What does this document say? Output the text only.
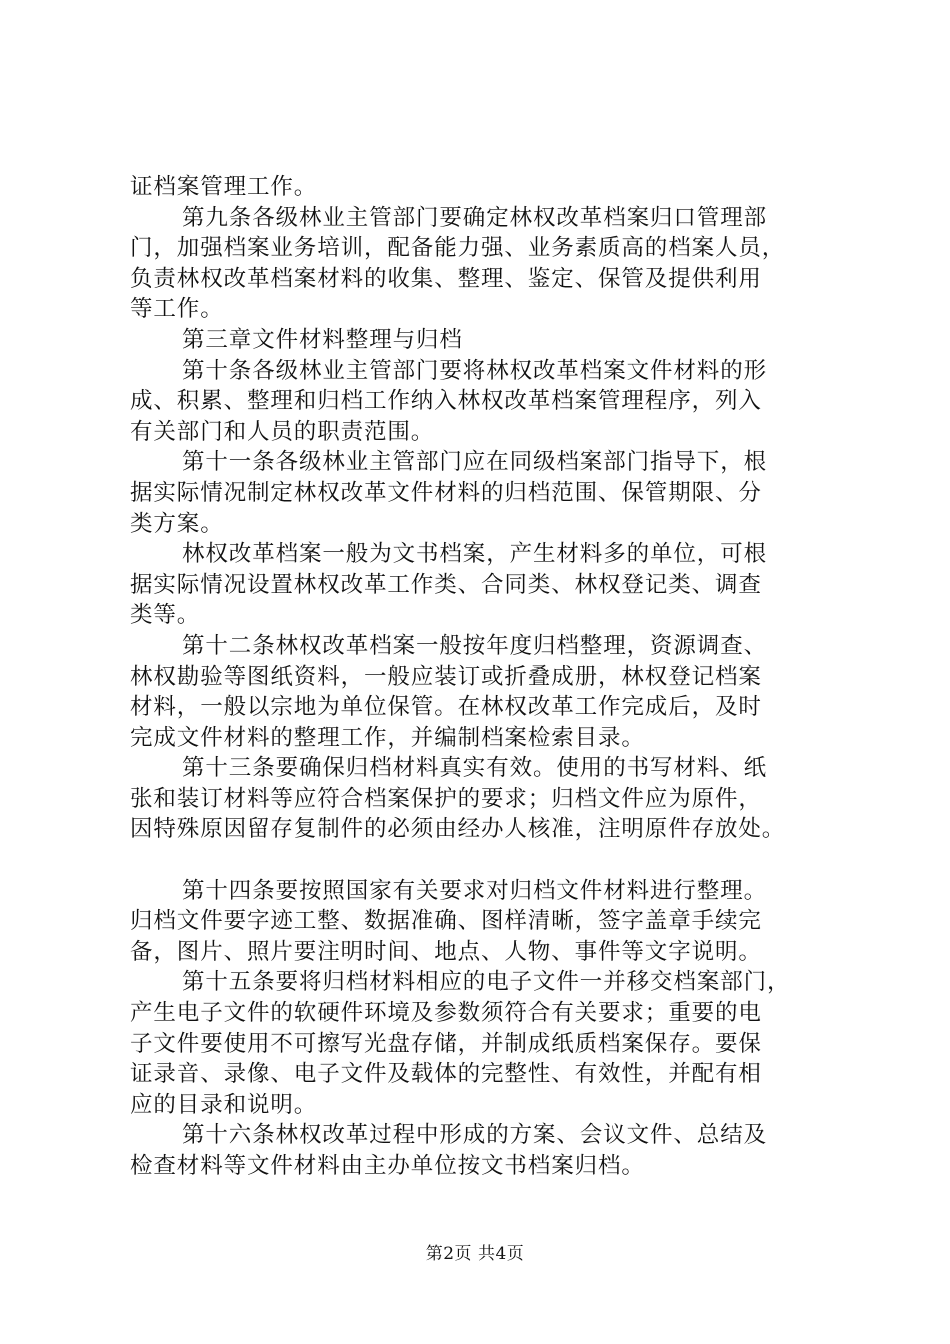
证档案管理工作。
第九条各级林业主管部门要确定林权改革档案归口管理部
门，加强档案业务培训，配备能力强、业务素质高的档案人员，
负责林权改革档案材料的收集、整理、鉴定、保管及提供利用
等工作。
第三章文件材料整理与归档
第十条各级林业主管部门要将林权改革档案文件材料的形
成、积累、整理和归档工作纳入林权改革档案管理程序，列入
有关部门和人员的职责范围。
第十一条各级林业主管部门应在同级档案部门指导下，根
据实际情况制定林权改革文件材料的归档范围、保管期限、分
类方案。
林权改革档案一般为文书档案，产生材料多的单位，可根
据实际情况设置林权改革工作类、合同类、林权登记类、调查
类等。
第十二条林权改革档案一般按年度归档整理，资源调查、
林权勘验等图纸资料，一般应装订或折叠成册，林权登记档案
材料，一般以宗地为单位保管。在林权改革工作完成后，及时
完成文件材料的整理工作，并编制档案检索目录。
第十三条要确保归档材料真实有效。使用的书写材料、纸
张和装订材料等应符合档案保护的要求；归档文件应为原件，
因特殊原因留存复制件的必须由经办人核准，注明原件存放处。
第十四条要按照国家有关要求对归档文件材料进行整理。
归档文件要字迹工整、数据准确、图样清晰，签字盖章手续完
备，图片、照片要注明时间、地点、人物、事件等文字说明。
第十五条要将归档材料相应的电子文件一并移交档案部门，
产生电子文件的软硬件环境及参数须符合有关要求；重要的电
子文件要使用不可擦写光盘存储，并制成纸质档案保存。要保
证录音、录像、电子文件及载体的完整性、有效性，并配有相
应的目录和说明。
第十六条林权改革过程中形成的方案、会议文件、总结及
检查材料等文件材料由主办单位按文书档案归档。
第2页 共4页
